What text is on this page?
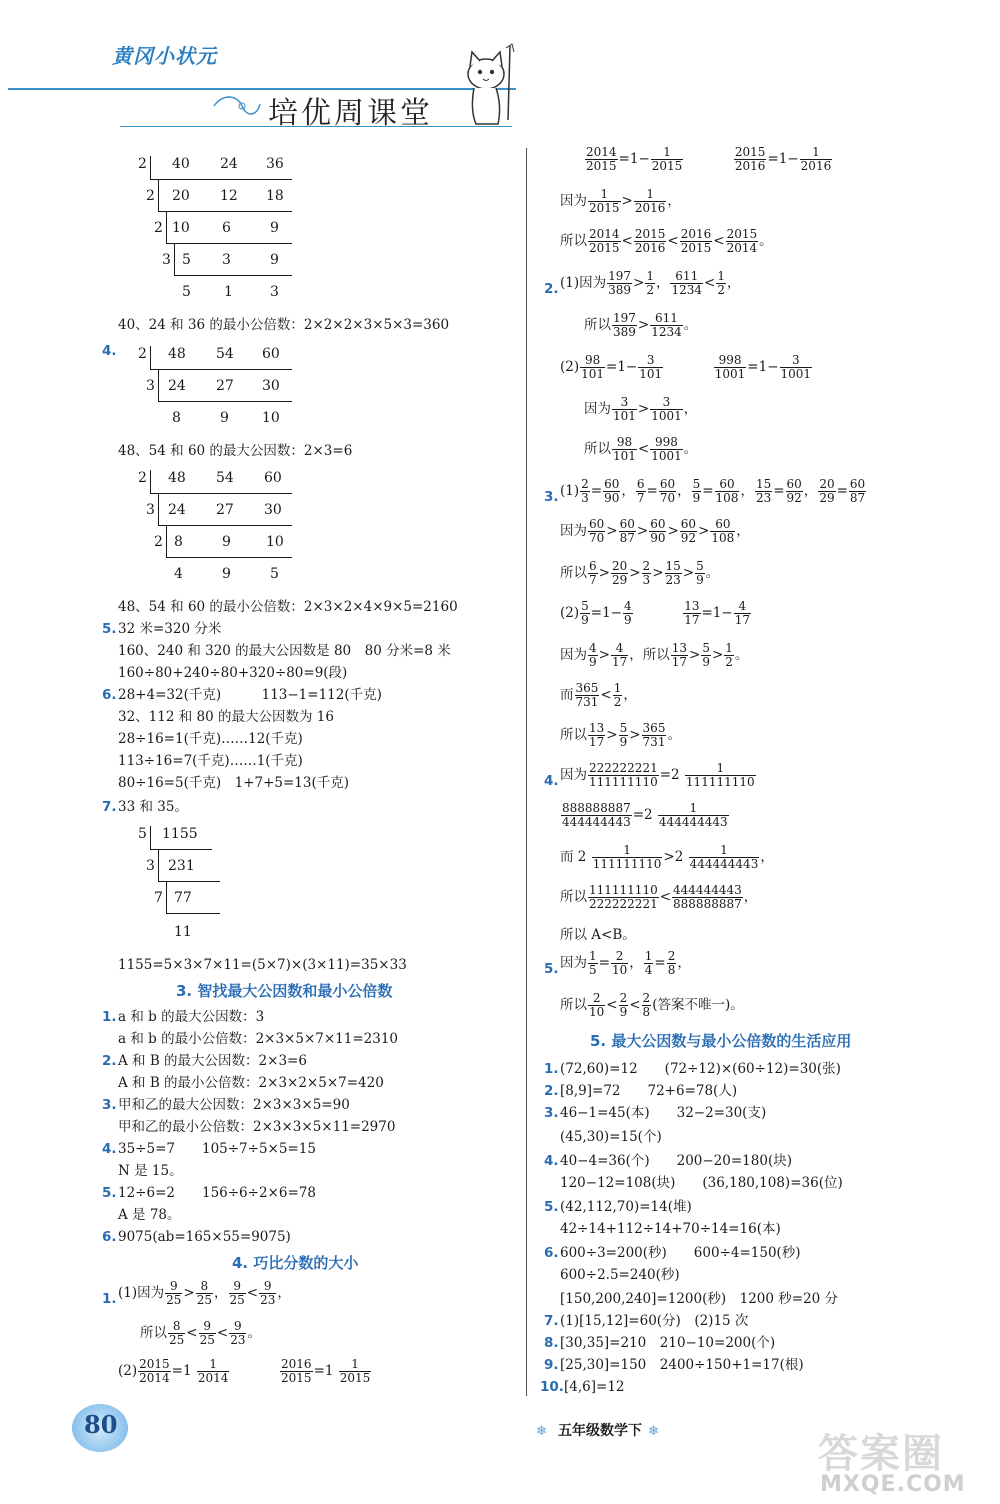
黄冈小状元
培优周课堂
2 40 24 36
2 20 12 18
2 10 6	9
3 5 3	9
5 1	3
40、24 和 36 的最小公倍数：2×2×2×3×5×3=360
4. 2 48 54 60
3 24 27 30
8	9 10
48、54 和 60 的最大公因数：2×3=6
2 48 54 60
3 24 27 30
2 8	9	10
4	9	5
48、54 和 60 的最小公倍数：2×3×2×4×9×5=2160
5. 32 米=320 分米
160、240 和 320 的最大公因数是 80　80 分米=8 米
160÷80+240÷80+320÷80=9(段)
6. 28+4=32(千克)　　　113−1=112(千克)
32、112 和 80 的最大公因数为 16
28÷16=1(千克)……12(千克)
113÷16=7(千克)……1(千克)
80÷16=5(千克)　1+7+5=13(千克)
7. 33 和 35。
5 1155
3 231
7 77
11
1155=5×3×7×11=(5×7)×(3×11)=35×33
3. 智找最大公因数和最小公倍数
1. a 和 b 的最大公因数：3
a 和 b 的最小公倍数：2×3×5×7×11=2310
2. A 和 B 的最大公因数：2×3=6
A 和 B 的最小公倍数：2×3×2×5×7=420
3. 甲和乙的最大公因数：2×3×3×5=90
甲和乙的最小公倍数：2×3×3×5×11=2970
4. 35÷5=7　　105÷7÷5×5=15
N 是 15。
5. 12÷6=2　　156÷6÷2×6=78
A 是 78。
6. 9075(ab=165×55=9075)
4. 巧比分数的大小
1. (1)因为 $\frac{9}{25} > \frac{8}{25}$ ， $\frac{9}{25} < \frac{9}{23}$ ，
所以 $\frac{8}{25} < \frac{9}{25} < \frac{9}{23}$ 。
$(2) \frac{2015}{2014} =1 \frac{1}{2014}$
	$\frac{2016}{2015} =1 \frac{1}{2015}$
$\frac{2014}{2015} =1- \frac{1}{2015}$
	$\frac{2015}{2016} =1- \frac{1}{2016}$
因为 $\frac{1}{2015} > \frac{1}{2016}$ ，
所以 $\frac{2014}{2015} < \frac{2015}{2016} < \frac{2016}{2015} < \frac{2015}{2014}$ 。
2. (1)因为 $\frac{197}{389} > \frac{1}{2}$ ， $\frac{611}{1234} < \frac{1}{2}$ ，
所以 $\frac{197}{389} > \frac{611}{1234}$ 。
$(2) \frac{98}{101} =1- \frac{3}{101}$
	$\frac{998}{1001} =1- \frac{3}{1001}$
因为 $\frac{3}{101} > \frac{3}{1001}$ ，
所以 $\frac{98}{101} < \frac{998}{1001}$ 。
3. $(1) \frac{2}{3} = \frac{60}{90}$ ， $\frac{6}{7} = \frac{60}{70}$ ， $\frac{5}{9} = \frac{60}{108}$ ， $\frac{15}{23} = \frac{60}{92}$ ， $\frac{20}{29} = \frac{60}{87}$
因为 $\frac{60}{70} > \frac{60}{87} > \frac{60}{90} > \frac{60}{92} > \frac{60}{108}$ ，
所以 $\frac{6}{7} > \frac{20}{29} > \frac{2}{3} > \frac{15}{23} > \frac{5}{9}$ 。
$(2) \frac{5}{9} =1- \frac{4}{9}$
	$\frac{13}{17} =1- \frac{4}{17}$
因为 $\frac{4}{9} > \frac{4}{17}$ ，所以 $\frac{13}{17} > \frac{5}{9} > \frac{1}{2}$ 。
而 $\frac{365}{731} < \frac{1}{2}$ ，
所以 $\frac{13}{17} > \frac{5}{9} > \frac{365}{731}$ 。
4. 因为 $\frac{222222221}{111111110} =2 \frac{1}{111111110}$
$\frac{888888887}{444444443} =2 \frac{1}{444444443}$
而 $2 \frac{1}{111111110} >2 \frac{1}{444444443}$ ，
所以 $\frac{111111110}{222222221} < \frac{444444443}{888888887}$ ，
所以 A<B。
5. 因为 $\frac{1}{5} = \frac{2}{10}$ ， $\frac{1}{4} = \frac{2}{8}$ ，
所以 $\frac{2}{10} < \frac{2}{9} < \frac{2}{8}$ (答案不唯一)。
5. 最大公因数与最小公倍数的生活应用
1. (72,60)=12　　(72÷12)×(60÷12)=30(张)
2. [8,9]=72　　72+6=78(人)
3. 46−1=45(本)　　32−2=30(支)
(45,30)=15(个)
4. 40−4=36(个)　　200−20=180(块)
120−12=108(块)　　(36,180,108)=36(位)
5. (42,112,70)=14(堆)
42÷14+112÷14+70÷14=16(本)
6. 600÷3=200(秒)　　600÷4=150(秒)
600÷2.5=240(秒)
[150,200,240]=1200(秒)　1200 秒=20 分
7. (1)[15,12]=60(分)　(2)15 次
8. [30,35]=210　210−10=200(个)
9. [25,30]=150　2400÷150+1=17(根)
10. [4,6]=12
80	❄ 五年级数学下 ❄	答案圈
MXQE.COM
